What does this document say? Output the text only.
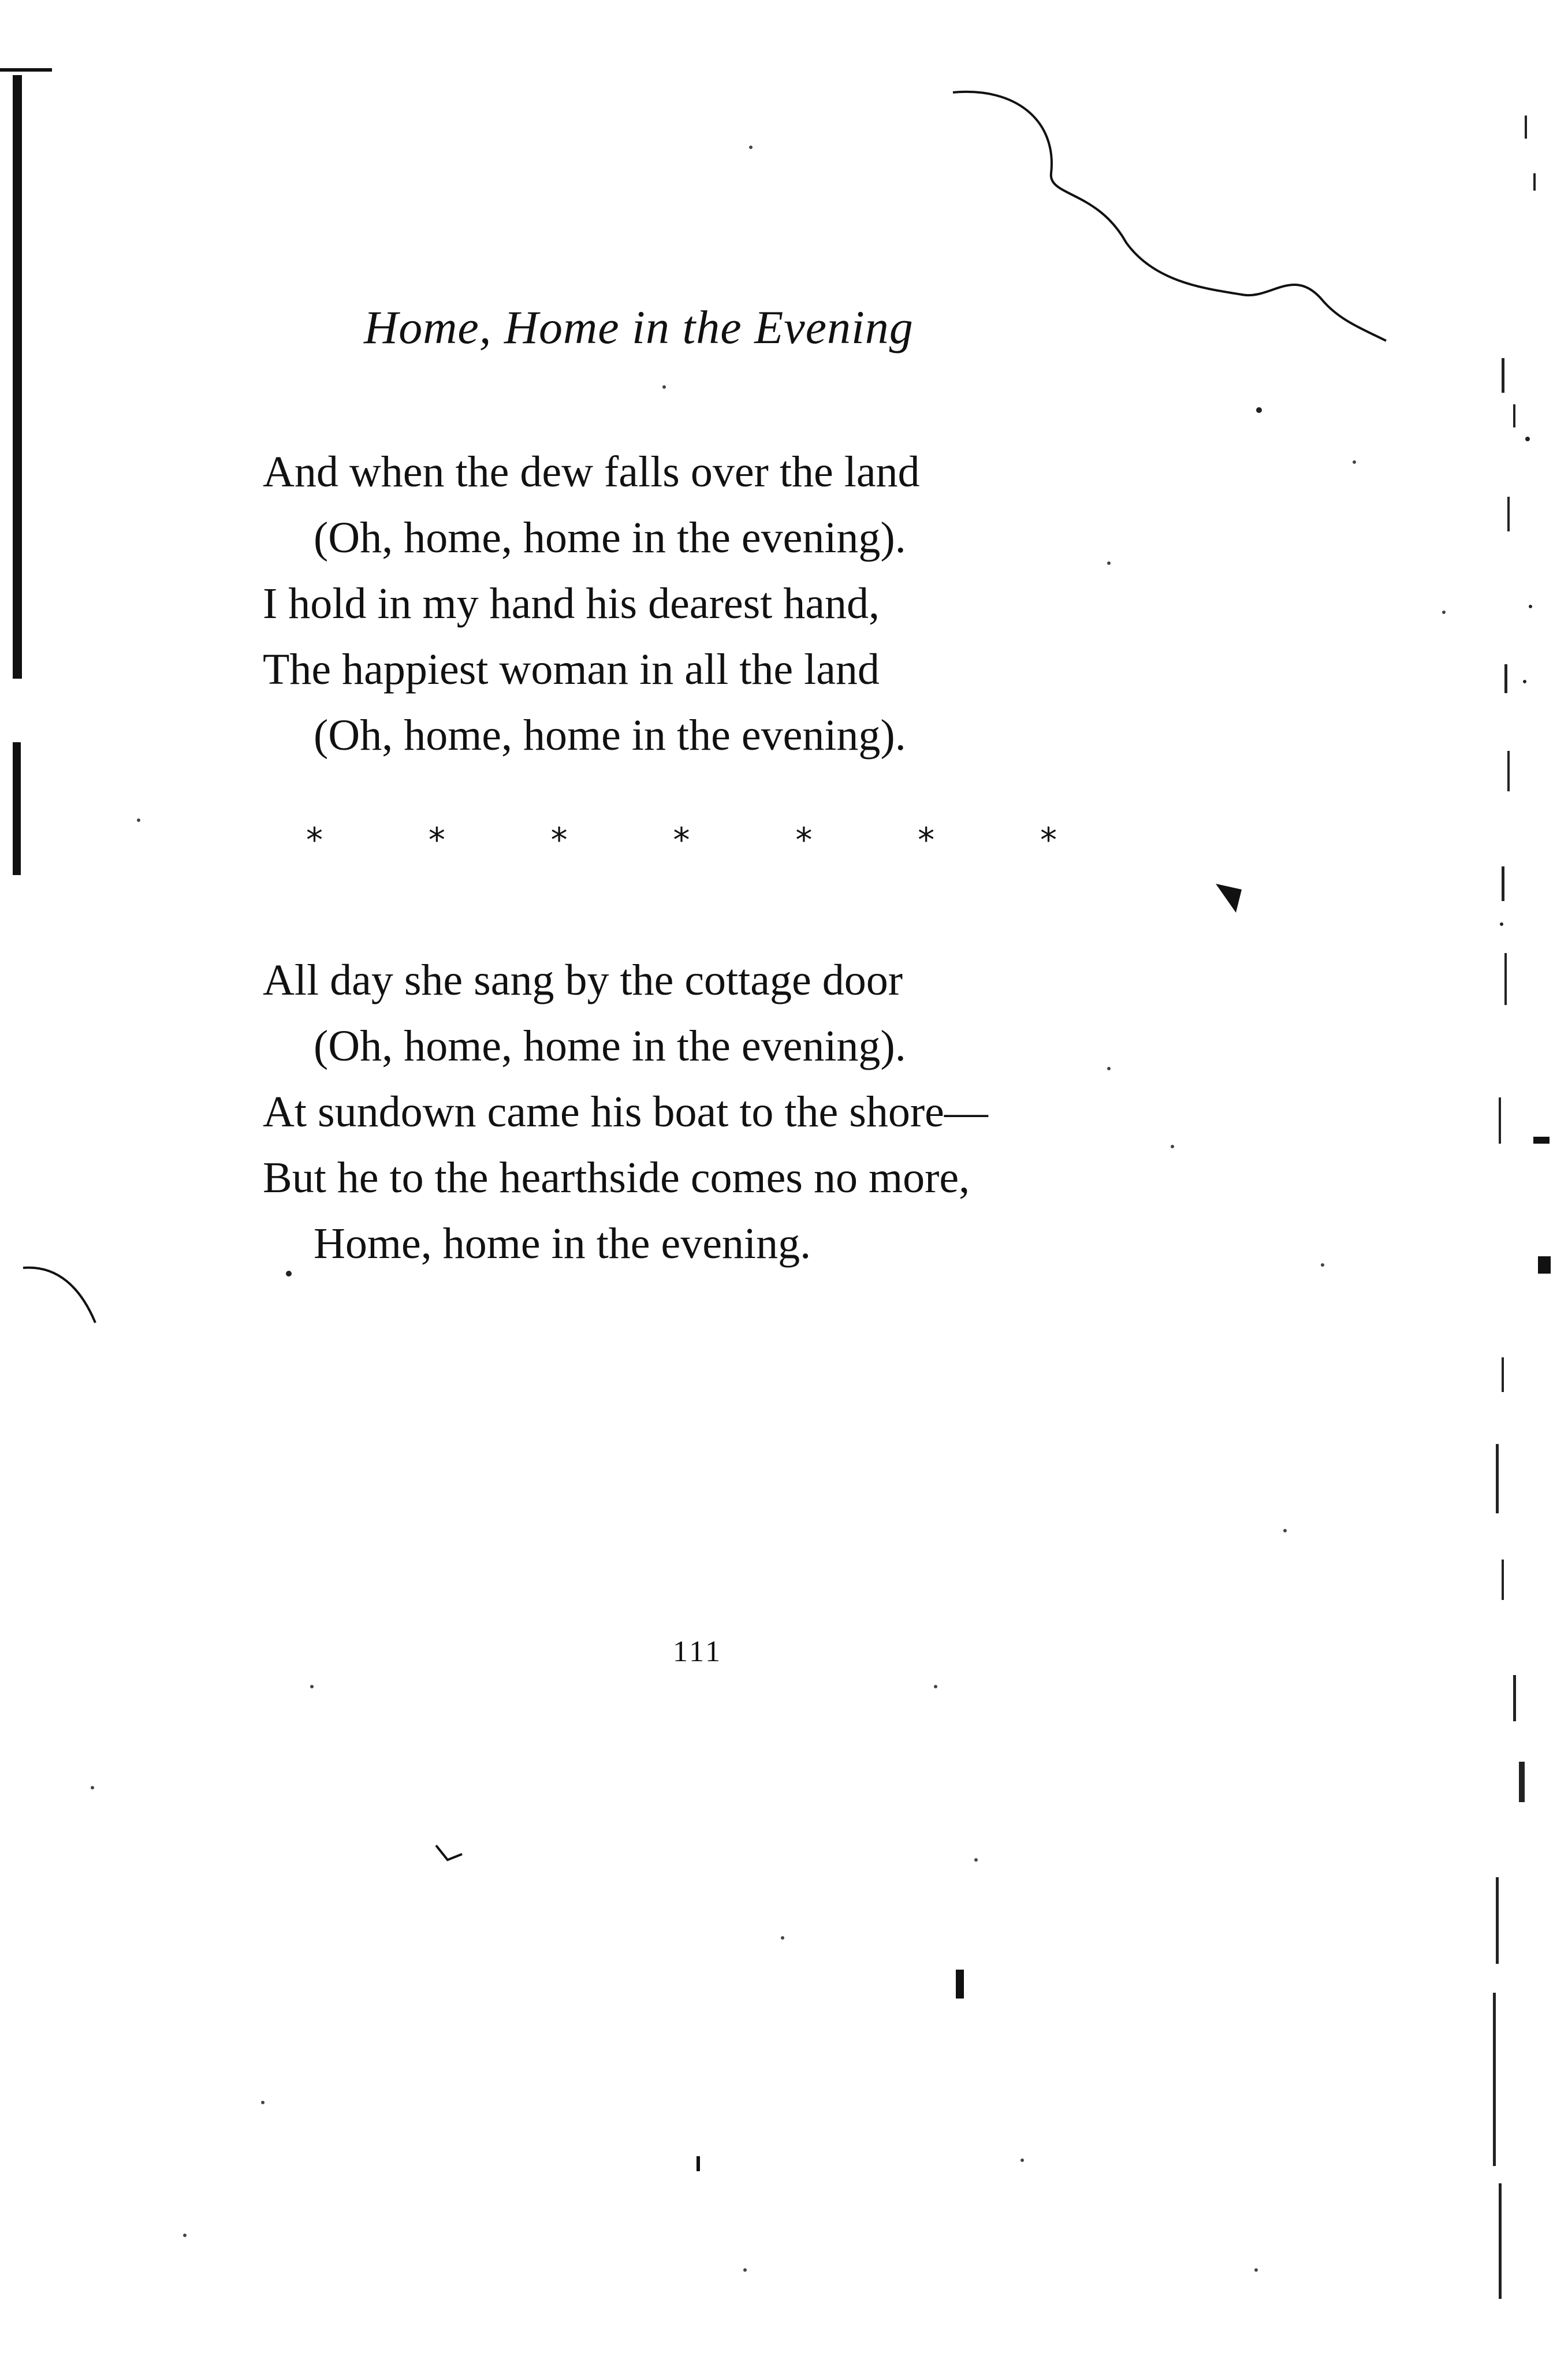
Home, Home in the Evening
And when the dew falls over the land
(Oh, home, home in the evening).
I hold in my hand his dearest hand,
The happiest woman in all the land
(Oh, home, home in the evening).
*	*	*	*	*	*	*
All day she sang by the cottage door
(Oh, home, home in the evening).
At sundown came his boat to the shore—
But he to the hearthside comes no more,
Home, home in the evening.
111
